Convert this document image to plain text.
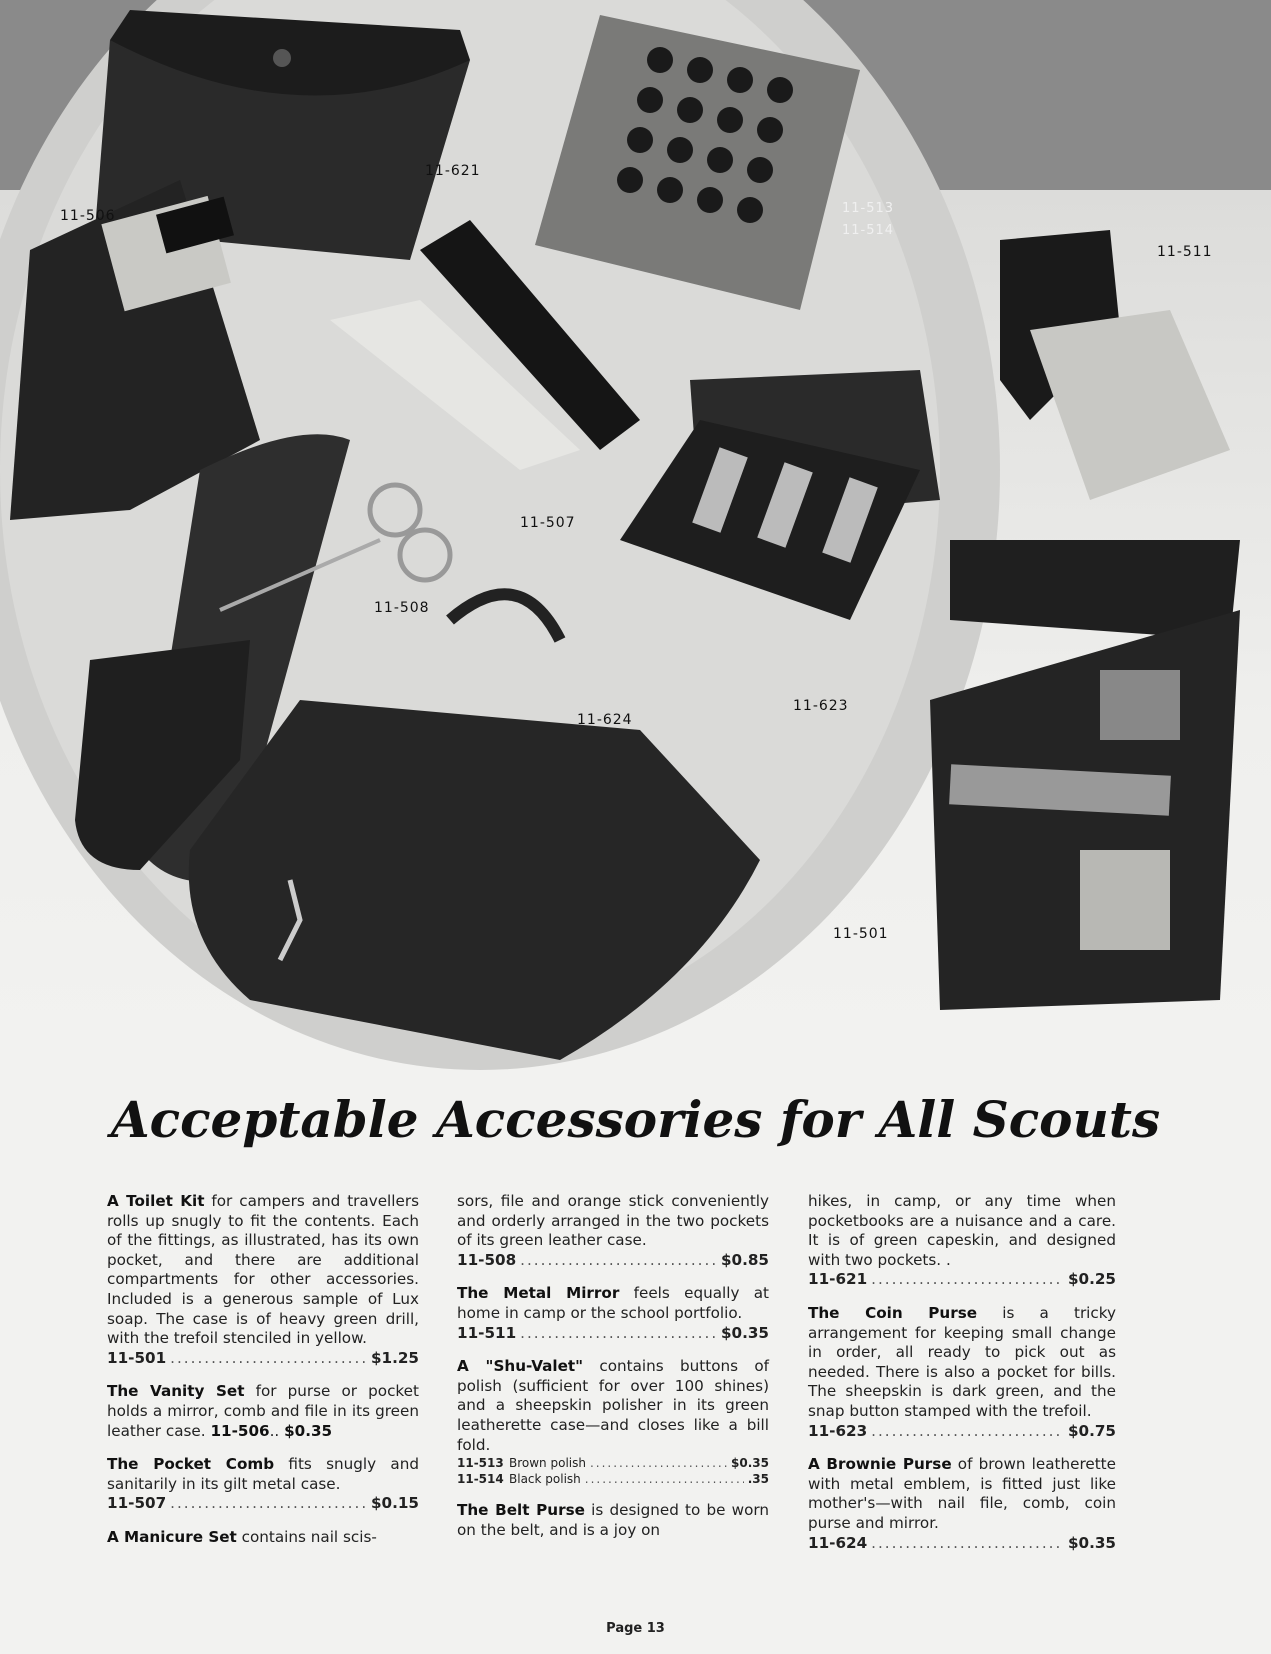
11-621
11-506	11-513
11-514
11-511
11-507
11-508
11-624
11-623
11-501
Acceptable Accessories for All Scouts

A Toilet Kit for campers and travellers rolls up snugly to fit the contents. Each of the fittings, as illustrated, has its own pocket, and there are additional compartments for other accessories. Included is a generous sample of Lux soap. The case is of heavy green drill, with the trefoil stenciled in yellow.
11-501 .....	$1.25

The Vanity Set for purse or pocket holds a mirror, comb and file in its green leather case. 11-506.. $0.35

The Pocket Comb fits snugly and sanitarily in its gilt metal case.
11-507 .....	$0.15

A Manicure Set contains nail scis-

sors, file and orange stick conveniently and orderly arranged in the two pockets of its green leather case.
11-508 .....	$0.85

The Metal Mirror feels equally at home in camp or the school portfolio.
11-511 .....	$0.35

A "Shu-Valet" contains buttons of polish (sufficient for over 100 shines) and a sheepskin polisher in its green leatherette case—and closes like a bill fold.
11-513 Brown polish .....	$0.35
11-514 Black polish .....	.35

The Belt Purse is designed to be worn on the belt, and is a joy on

hikes, in camp, or any time when pocketbooks are a nuisance and a care. It is of green capeskin, and designed with two pockets. .
11-621 .....	$0.25

The Coin Purse is a tricky arrangement for keeping small change in order, all ready to pick out as needed. There is also a pocket for bills. The sheepskin is dark green, and the snap button stamped with the trefoil.
11-623 .....	$0.75

A Brownie Purse of brown leatherette with metal emblem, is fitted just like mother's—with nail file, comb, coin purse and mirror.
11-624 .....	$0.35

Page 13
